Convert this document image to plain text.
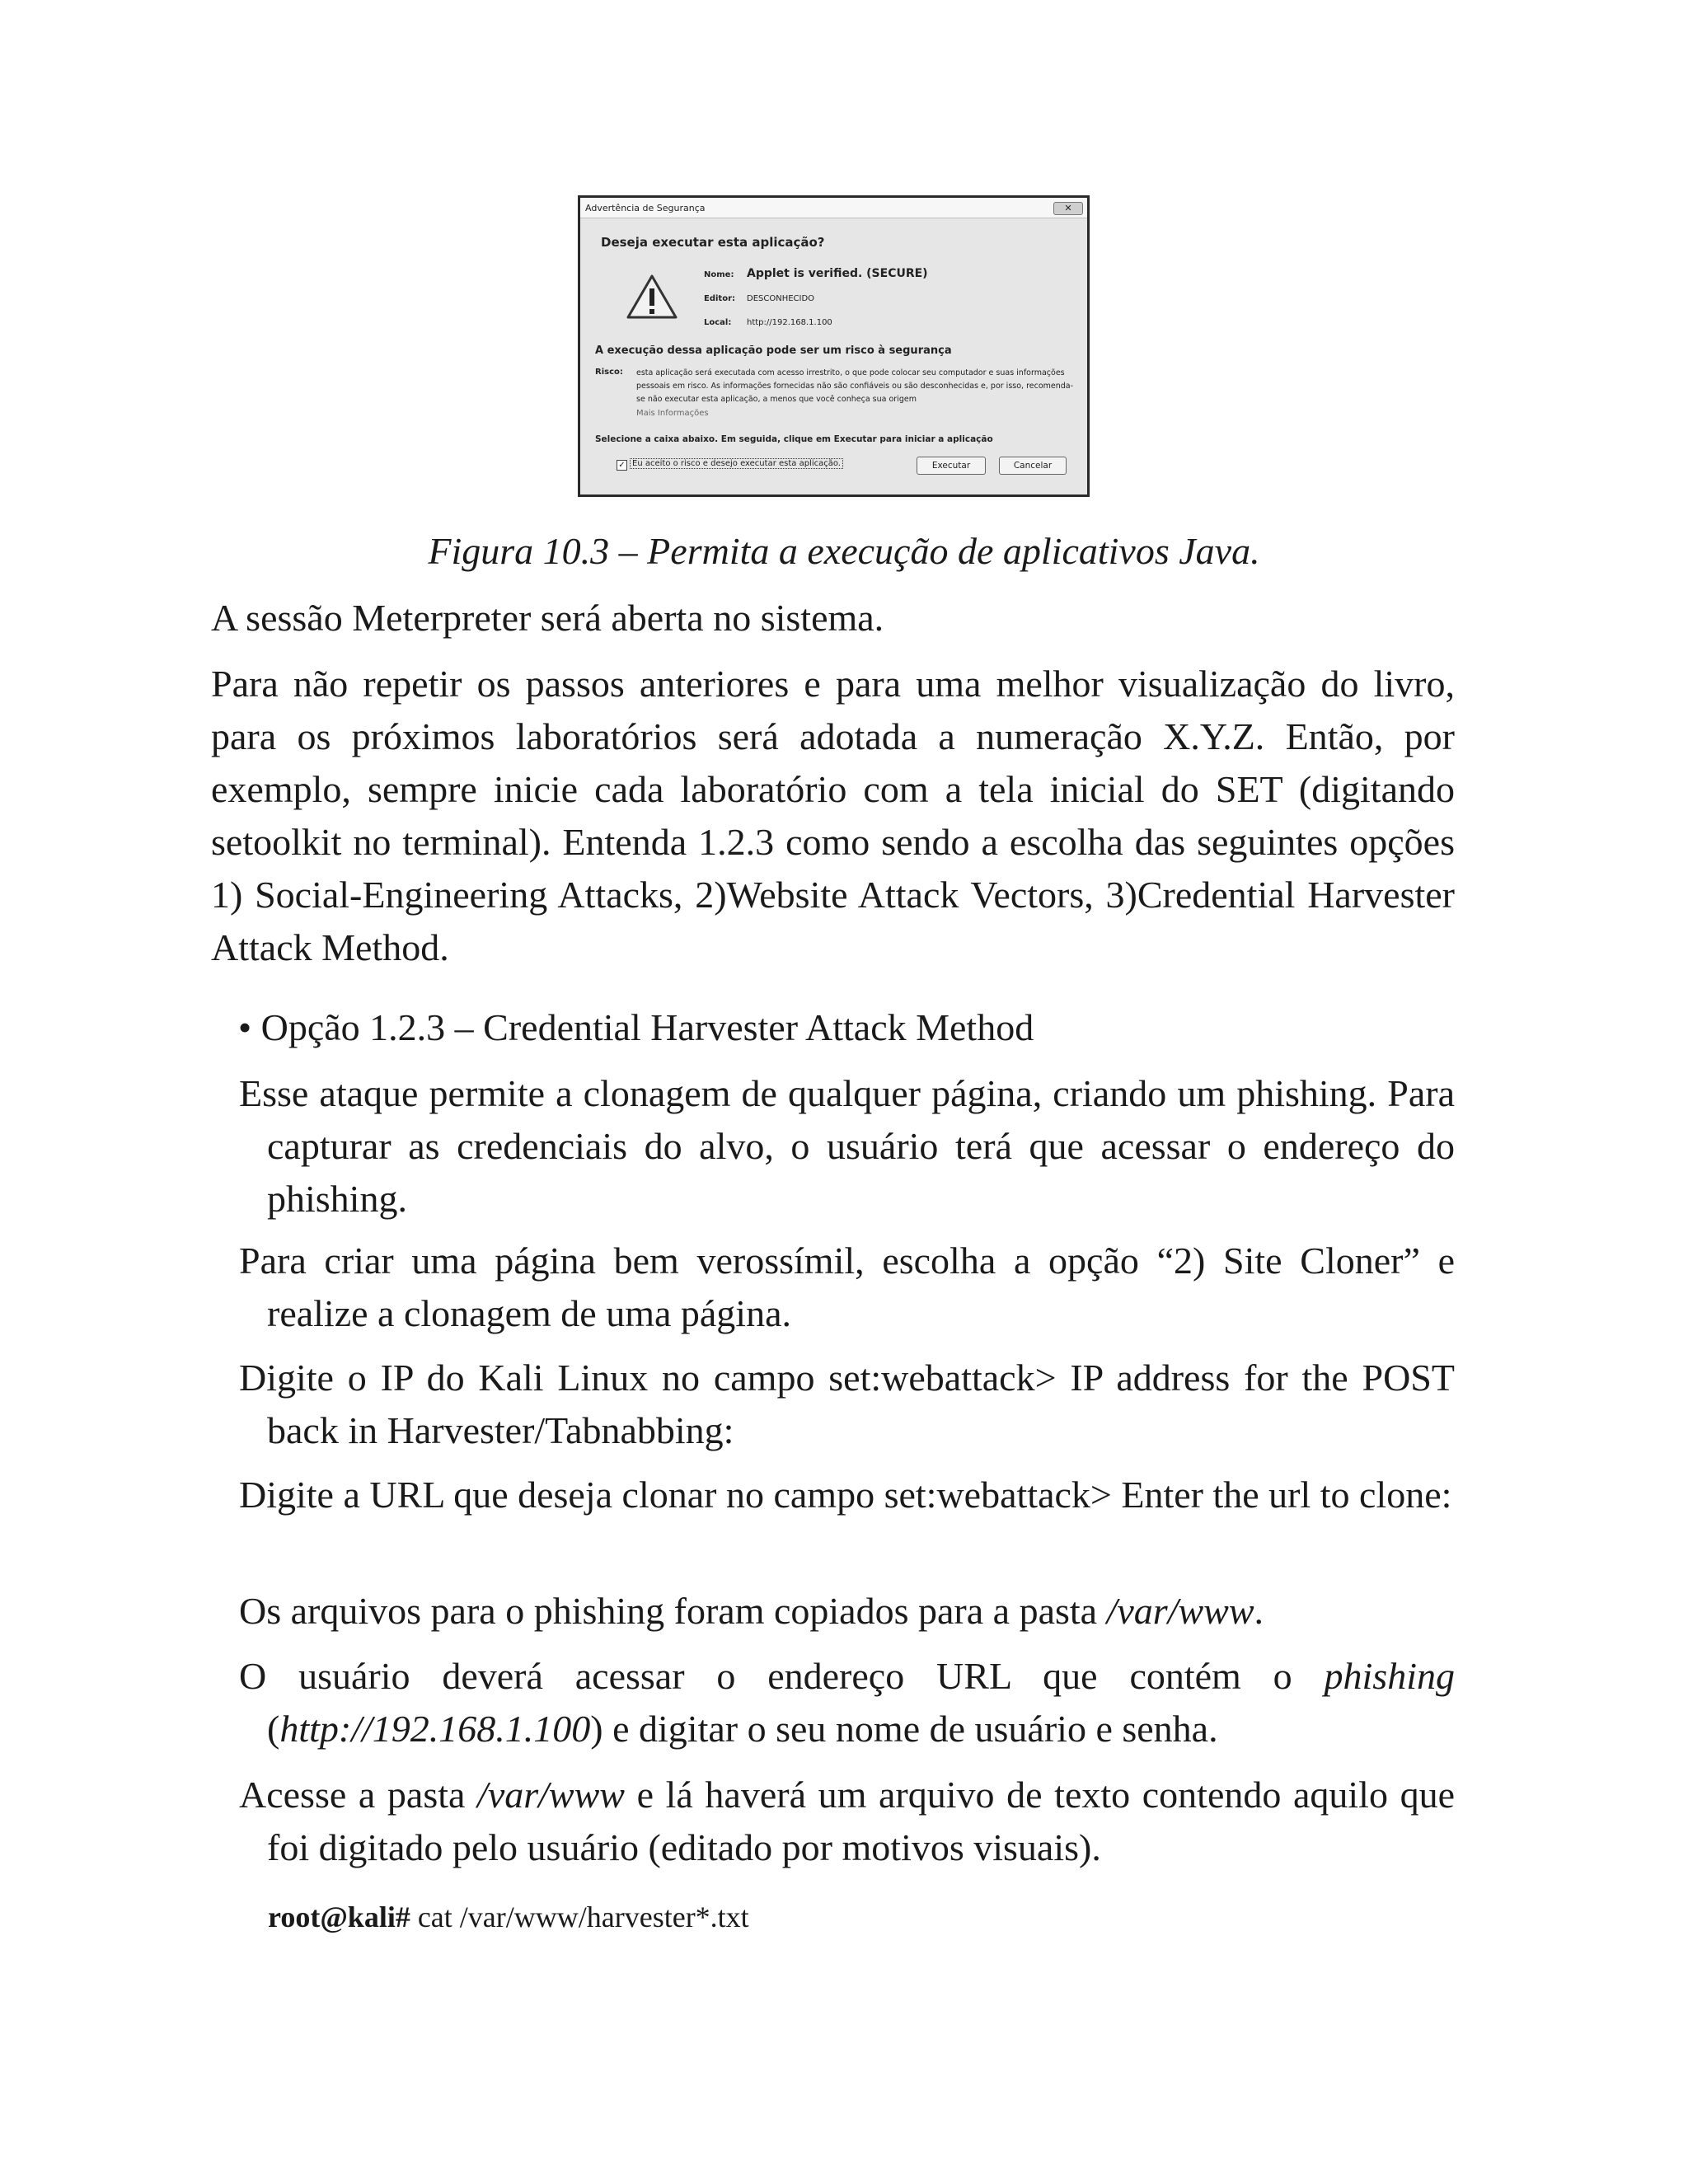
Advertência de Segurança	✕
Deseja executar esta aplicação?
Nome: Applet is verified. (SECURE)
Editor: DESCONHECIDO
Local: http://192.168.1.100
A execução dessa aplicação pode ser um risco à segurança
Risco: esta aplicação será executada com acesso irrestrito, o que pode colocar seu computador e suas informações pessoais em risco. As informações fornecidas não são confiáveis ou são desconhecidas e, por isso, recomenda-se não executar esta aplicação, a menos que você conheça sua origem
Mais Informações
Selecione a caixa abaixo. Em seguida, clique em Executar para iniciar a aplicação
✓ Eu aceito o risco e desejo executar esta aplicação.	Executar	Cancelar
Figura 10.3 – Permita a execução de aplicativos Java.

A sessão Meterpreter será aberta no sistema.

Para não repetir os passos anteriores e para uma melhor visualização do livro, para os próximos laboratórios será adotada a numeração X.Y.Z. Então, por exemplo, sempre inicie cada laboratório com a tela inicial do SET (digitando setoolkit no terminal). Entenda 1.2.3 como sendo a escolha das seguintes opções 1) Social-Engineering Attacks, 2)Website Attack Vectors, 3)Credential Harvester Attack Method.

• Opção 1.2.3 – Credential Harvester Attack Method

Esse ataque permite a clonagem de qualquer página, criando um phishing. Para capturar as credenciais do alvo, o usuário terá que acessar o endereço do phishing.

Para criar uma página bem verossímil, escolha a opção “2) Site Cloner” e realize a clonagem de uma página.

Digite o IP do Kali Linux no campo set:webattack> IP address for the POST back in Harvester/Tabnabbing:

Digite a URL que deseja clonar no campo set:webattack> Enter the url to clone:

Os arquivos para o phishing foram copiados para a pasta /var/www.

O usuário deverá acessar o endereço URL que contém o phishing (http://192.168.1.100) e digitar o seu nome de usuário e senha.

Acesse a pasta /var/www e lá haverá um arquivo de texto contendo aquilo que foi digitado pelo usuário (editado por motivos visuais).

root@kali# cat /var/www/harvester*.txt
